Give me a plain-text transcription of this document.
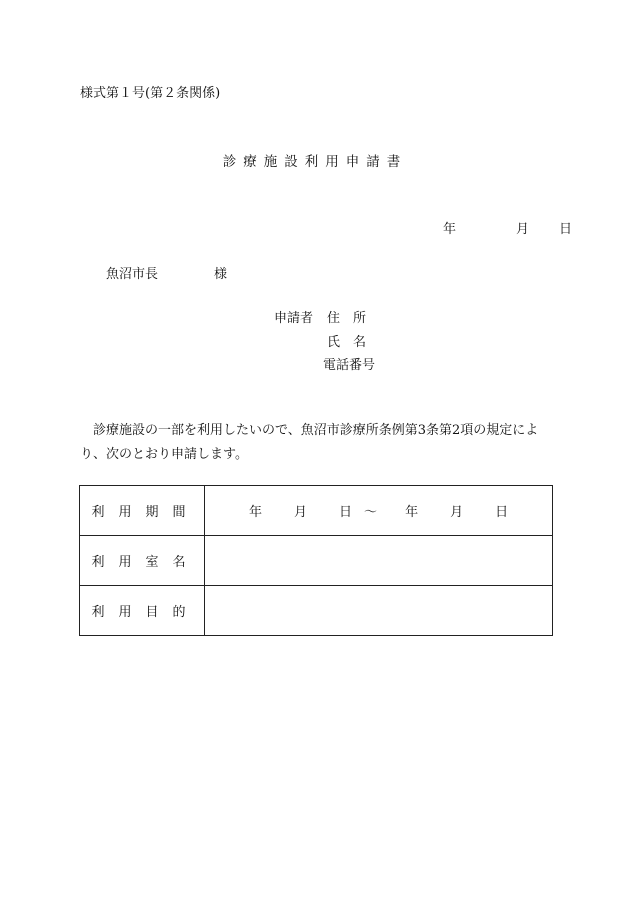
様式第１号(第２条関係)
診療施設利用申請書
年	月 日
魚沼市長	様
申請者 住　所
氏　名
電話番号
診療施設の一部を利用したいので、魚沼市診療所条例第3条第2項の規定により、次のとおり申請します。
利用期間	年 月 日 ～ 年 月 日
利用室名	
利用目的	
